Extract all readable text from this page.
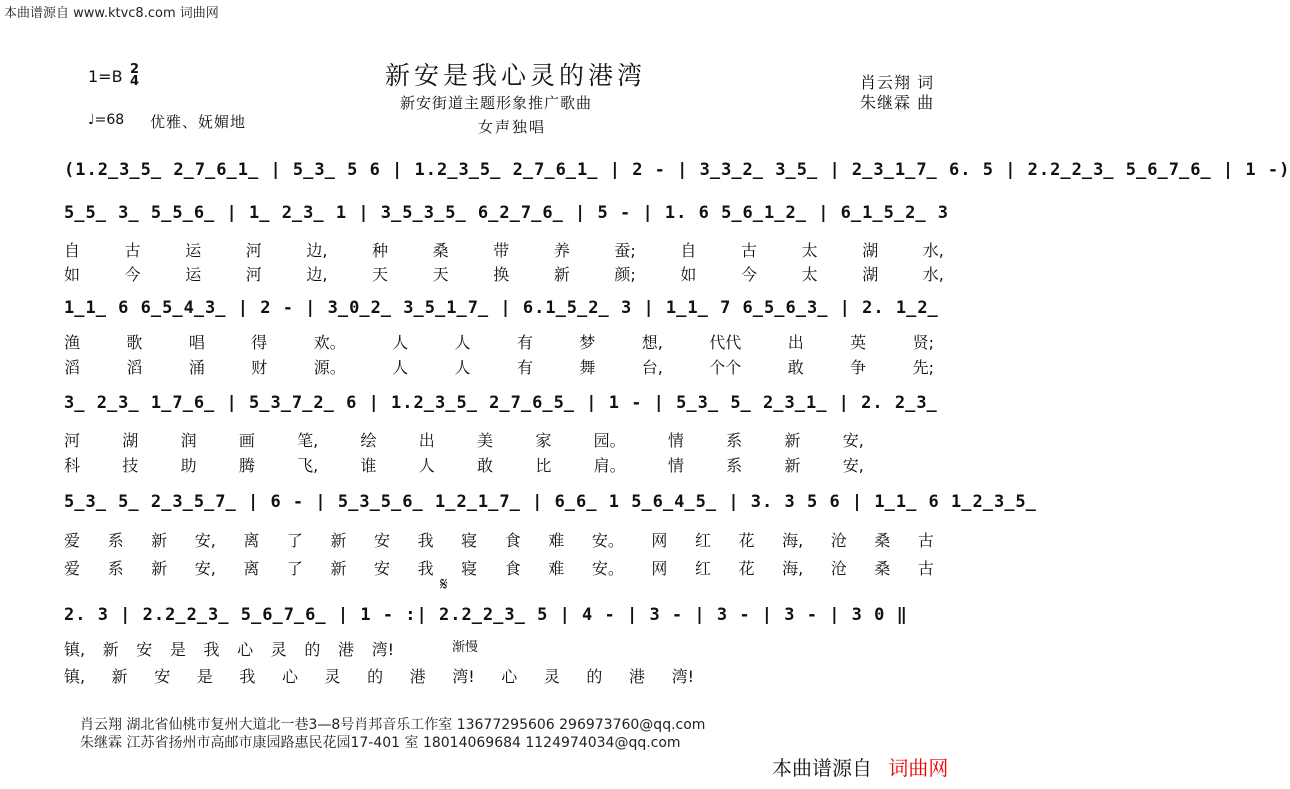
本曲谱源自 www.ktvc8.com 词曲网
新安是我心灵的港湾
新安街道主题形象推广歌曲
女声独唱
肖云翔 词
朱继霖 曲
1=B 2
4
♩=68 优雅、妩媚地
(1.2̲3̲5̲ 2̲7̲6̲1̲ | 5̲3̲ 5 6 | 1.2̲3̲5̲ 2̲7̲6̲1̲ | 2 - | 3̲3̲2̲ 3̲5̲ | 2̲3̲1̲7̲ 6. 5 | 2.2̲2̲3̲ 5̲6̲7̲6̲ | 1 -)
5̲5̲ 3̲ 5̲5̲6̲ | 1̲ 2̲3̲ 1 | 3̲5̲3̲5̲ 6̲2̲7̲6̲ | 5 - | 1. 6 5̲6̲1̲2̲ | 6̲1̲5̲2̲ 3
自	古	运	河	边,	种	桑	带	养	蚕;	自	古	太	湖	水,
如	今	运	河	边,	天	天	换	新	颜;	如	今	太	湖	水,
1̲1̲ 6 6̲5̲4̲3̲ | 2 - | 3̲0̲2̲ 3̲5̲1̲7̲ | 6.1̲5̲2̲ 3 | 1̲1̲ 7 6̲5̲6̲3̲ | 2. 1̲2̲
渔	歌	唱	得	欢。	人	人	有	梦	想,	代代	出	英	贤;
滔	滔	涌	财	源。	人	人	有	舞	台,	个个	敢	争	先;
3̲ 2̲3̲ 1̲7̲6̲ | 5̲3̲7̲2̲ 6 | 1.2̲3̲5̲ 2̲7̲6̲5̲ | 1 - | 5̲3̲ 5̲ 2̲3̲1̲ | 2. 2̲3̲
河	湖	润	画	笔,	绘	出	美	家	园。	情	系	新	安,
科	技	助	腾	飞,	谁	人	敢	比	肩。	情	系	新	安,
5̲3̲ 5̲ 2̲3̲5̲7̲ | 6 - | 5̲3̲5̲6̲ 1̲2̲1̲7̲ | 6̲6̲ 1 5̲6̲4̲5̲ | 3. 3 5 6 | 1̲1̲ 6 1̲2̲3̲5̲
爱 系 新 安, 离 了 新 安 我 寝 食 难 安。 网 红 花 海, 沧 桑 古
爱 系 新 安, 离 了 新 安 我 寝 食 难 安。 网 红 花 海, 沧 桑 古
𝄋
2. 3 | 2.2̲2̲3̲ 5̲6̲7̲6̲ | 1 - :| 2.2̲2̲3̲ 5 | 4 - | 3 - | 3 - | 3 - | 3 0 ‖
渐慢
镇, 新 安 是 我 心 灵 的 港 湾!
镇, 新 安 是 我 心 灵 的 港 湾! 心 灵 的 港 湾!
肖云翔 湖北省仙桃市复州大道北一巷3—8号肖邦音乐工作室 13677295606 296973760@qq.com
朱继霖 江苏省扬州市高邮市康园路惠民花园17-401 室 18014069684 1124974034@qq.com
本曲谱源自 词曲网
